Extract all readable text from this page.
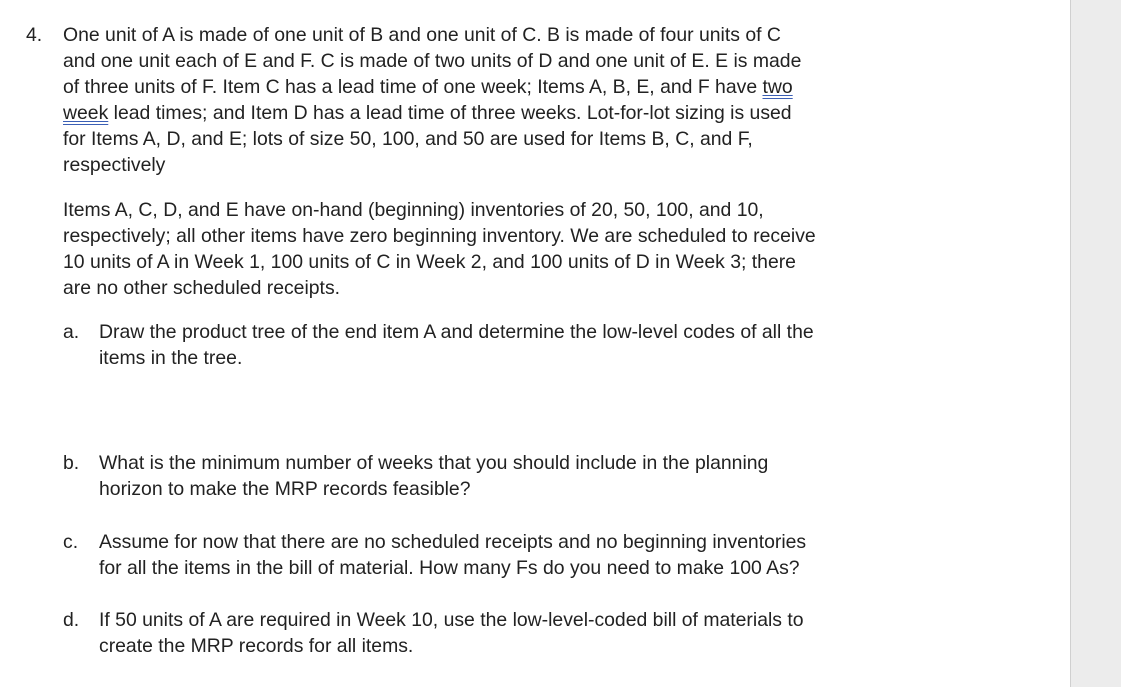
4. One unit of A is made of one unit of B and one unit of C. B is made of four units of C
and one unit each of E and F. C is made of two units of D and one unit of E. E is made
of three units of F. Item C has a lead time of one week; Items A, B, E, and F have two
week lead times; and Item D has a lead time of three weeks. Lot-for-lot sizing is used
for Items A, D, and E; lots of size 50, 100, and 50 are used for Items B, C, and F,
respectively

Items A, C, D, and E have on-hand (beginning) inventories of 20, 50, 100, and 10,
respectively; all other items have zero beginning inventory. We are scheduled to receive
10 units of A in Week 1, 100 units of C in Week 2, and 100 units of D in Week 3; there
are no other scheduled receipts.

a. Draw the product tree of the end item A and determine the low-level codes of all the
items in the tree.

b. What is the minimum number of weeks that you should include in the planning
horizon to make the MRP records feasible?

c. Assume for now that there are no scheduled receipts and no beginning inventories
for all the items in the bill of material. How many Fs do you need to make 100 As?

d. If 50 units of A are required in Week 10, use the low-level-coded bill of materials to
create the MRP records for all items.
